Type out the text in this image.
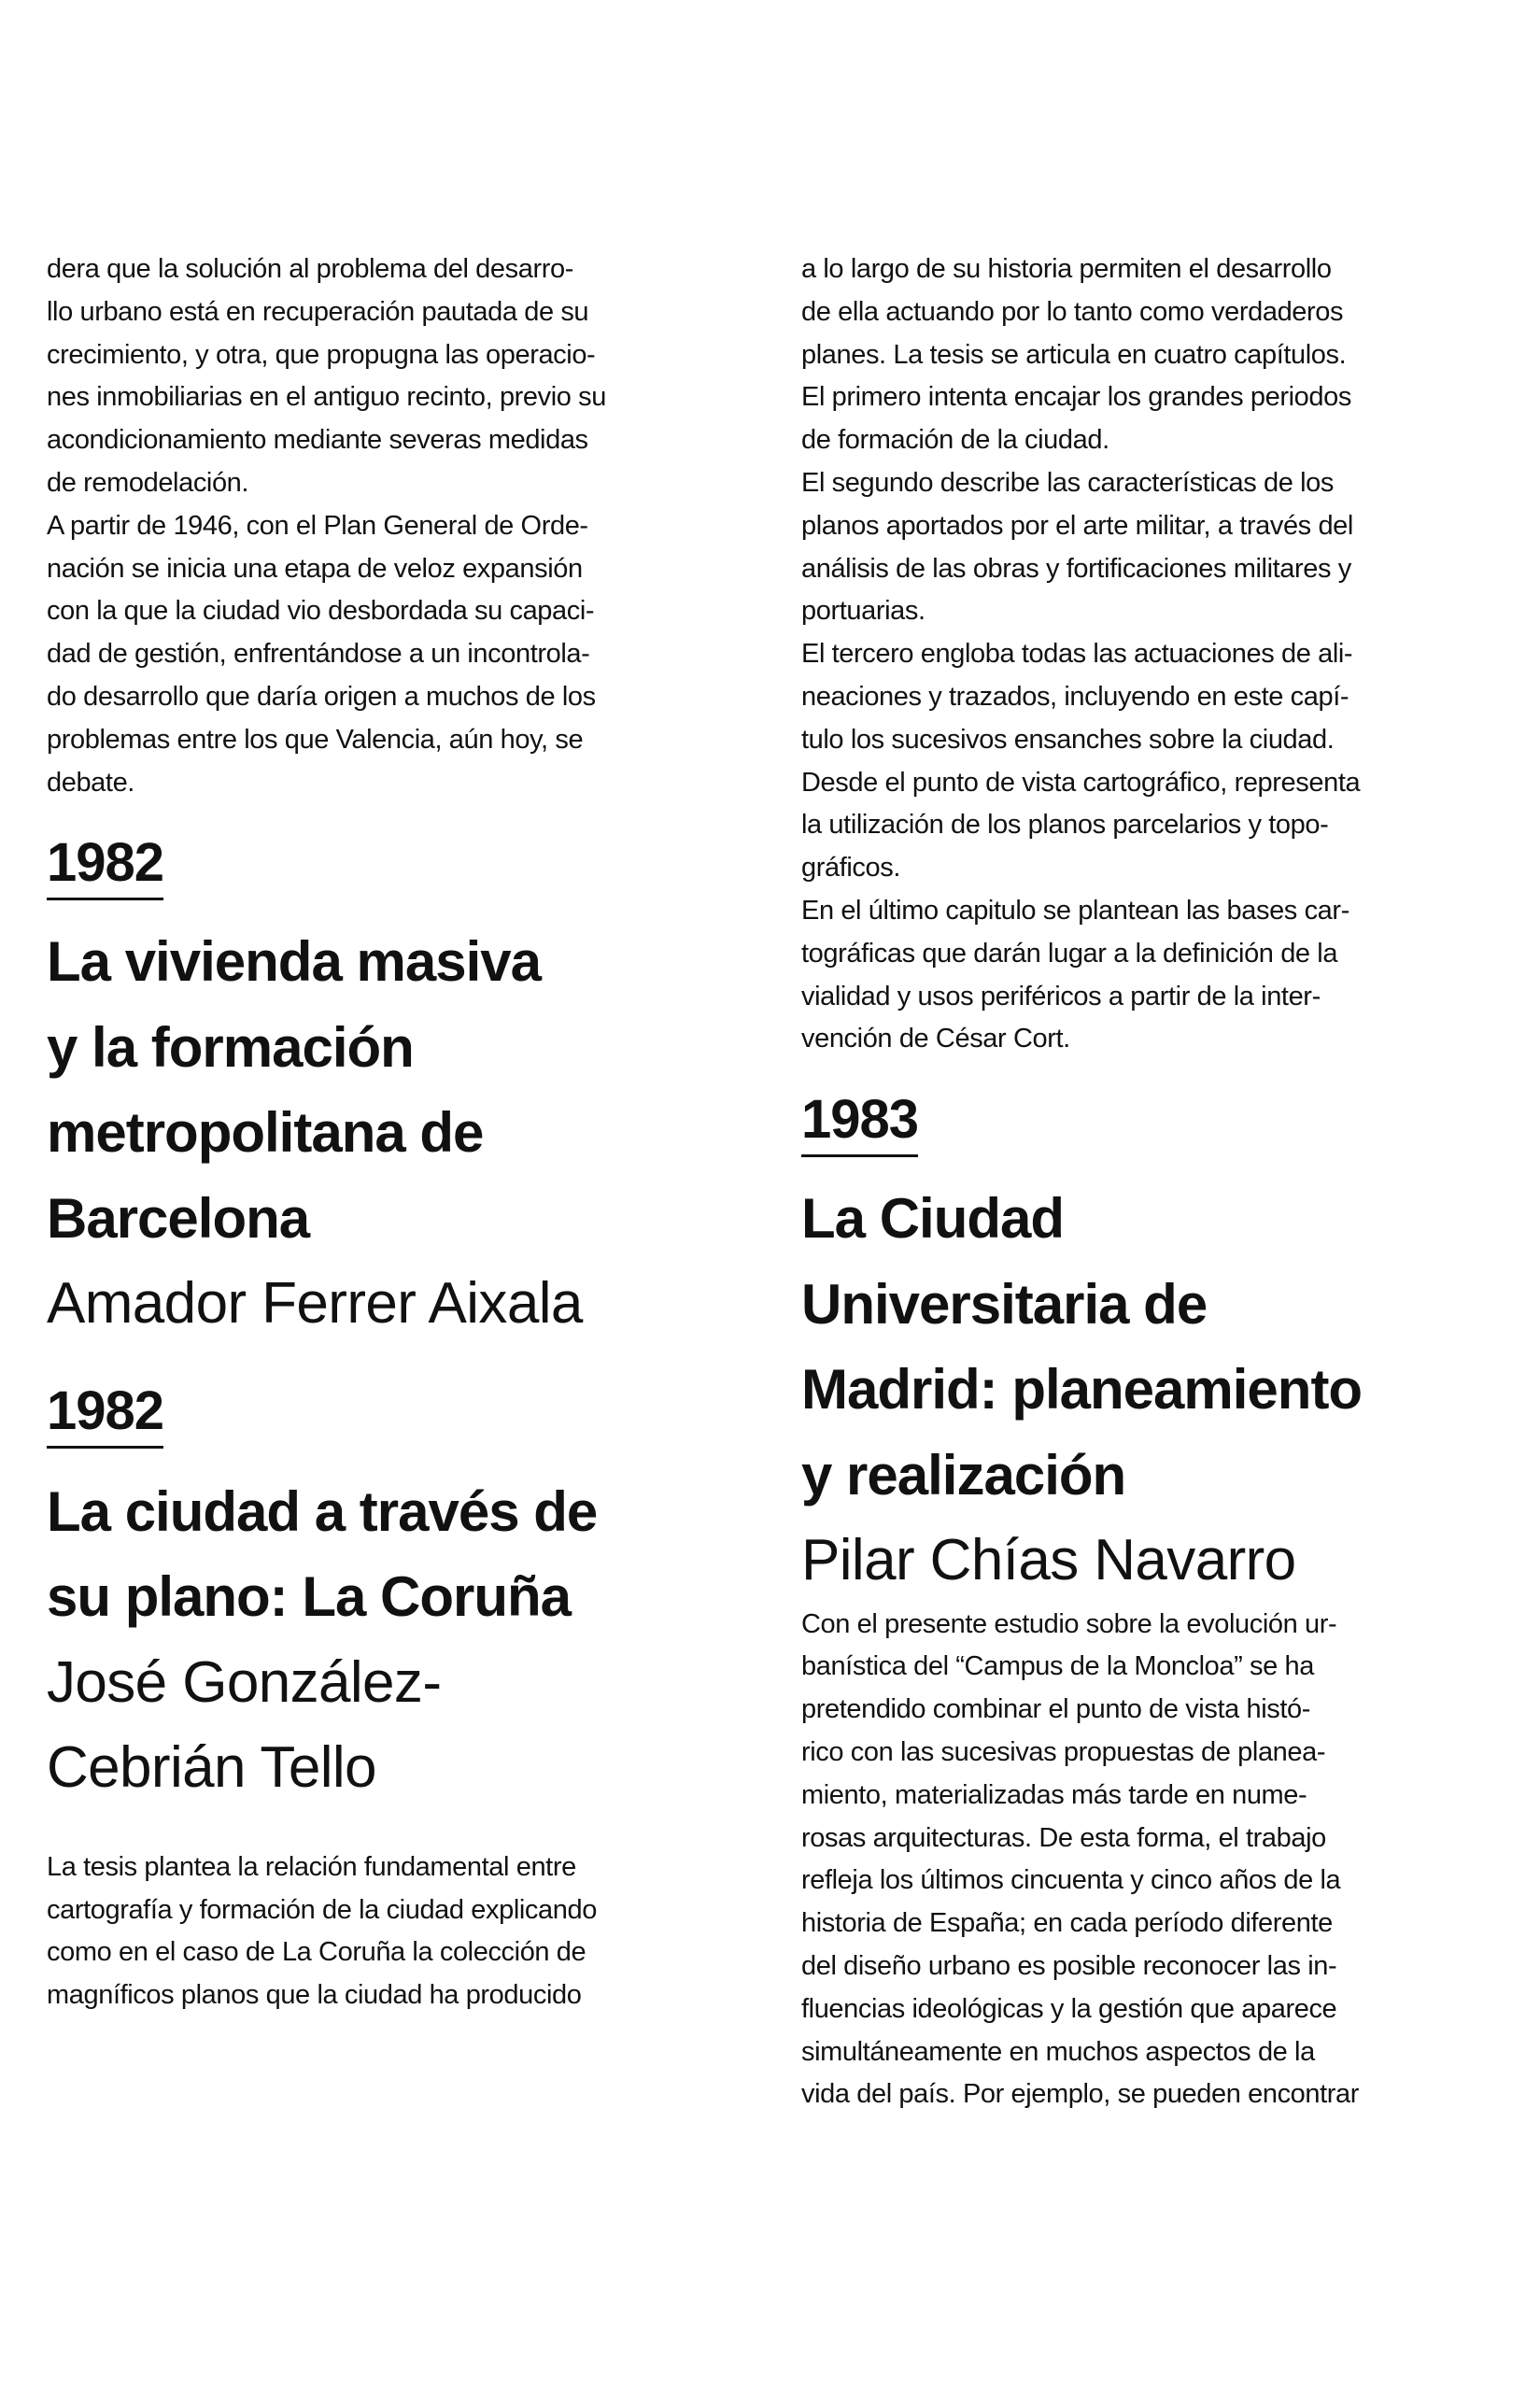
dera que la solución al problema del desarro-
llo urbano está en recuperación pautada de su
crecimiento, y otra, que propugna las operacio-
nes inmobiliarias en el antiguo recinto, previo su
acondicionamiento mediante severas medidas
de remodelación.
A partir de 1946, con el Plan General de Orde-
nación se inicia una etapa de veloz expansión
con la que la ciudad vio desbordada su capaci-
dad de gestión, enfrentándose a un incontrola-
do desarrollo que daría origen a muchos de los
problemas entre los que Valencia, aún hoy, se
debate.
1982
La vivienda masiva
y la formación
metropolitana de
Barcelona
Amador Ferrer Aixala
1982
La ciudad a través de
su plano: La Coruña
José González-
Cebrián Tello
La tesis plantea la relación fundamental entre
cartografía y formación de la ciudad explicando
como en el caso de La Coruña la colección de
magníficos planos que la ciudad ha producido
a lo largo de su historia permiten el desarrollo
de ella actuando por lo tanto como verdaderos
planes. La tesis se articula en cuatro capítulos.
El primero intenta encajar los grandes periodos
de formación de la ciudad.
El segundo describe las características de los
planos aportados por el arte militar, a través del
análisis de las obras y fortificaciones militares y
portuarias.
El tercero engloba todas las actuaciones de ali-
neaciones y trazados, incluyendo en este capí-
tulo los sucesivos ensanches sobre la ciudad.
Desde el punto de vista cartográfico, representa
la utilización de los planos parcelarios y topo-
gráficos.
En el último capitulo se plantean las bases car-
tográficas que darán lugar a la definición de la
vialidad y usos periféricos a partir de la inter-
vención de César Cort.
1983
La Ciudad
Universitaria de
Madrid: planeamiento
y realización
Pilar Chías Navarro
Con el presente estudio sobre la evolución ur-
banística del “Campus de la Moncloa” se ha
pretendido combinar el punto de vista histó-
rico con las sucesivas propuestas de planea-
miento, materializadas más tarde en nume-
rosas arquitecturas. De esta forma, el trabajo
refleja los últimos cincuenta y cinco años de la
historia de España; en cada período diferente
del diseño urbano es posible reconocer las in-
fluencias ideológicas y la gestión que aparece
simultáneamente en muchos aspectos de la
vida del país. Por ejemplo, se pueden encontrar
